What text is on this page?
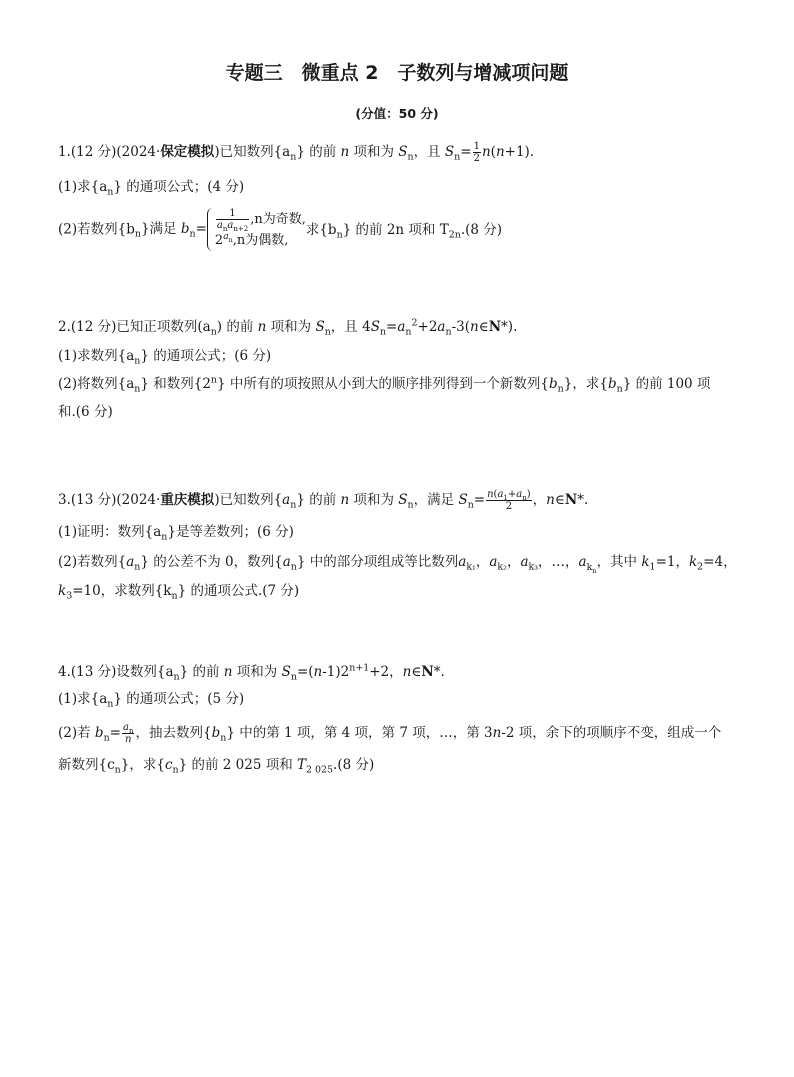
专题三　微重点 2　子数列与增减项问题
(分值：50 分)
1.(12 分)(2024·保定模拟)已知数列$\{a_n\}$ 的前 n 项和为 $S_n$，且 $S_n= \frac{1}{2} n(n+1)$.
(1)求$\{a_n\}$ 的通项公式；(4 分)
(2)若数列$\{b_n\}$满足 $b_n= \frac{1}{a_na_{n+2}} ,n$为奇数,
$2^{a_n},n$为偶数,
求$\{b_n\}$ 的前 2n 项和 $T_{2n}.(8$ 分)
2.(12 分)已知正项数列$(a_n)$ 的前 n 项和为 $S_n$，且 $4S_n=a_n^2+2a_n-3(n\in N*)$.
(1)求数列$\{a_n\}$ 的通项公式；(6 分)
(2)将数列$\{a_n\}$ 和数列{2$^n$} 中所有的项按照从小到大的顺序排列得到一个新数列$\{b_n\}$，求$\{b_n\}$ 的前 100 项
和.(6 分)
3.(13 分)(2024·重庆模拟)已知数列$\{a_n\}$ 的前 n 项和为 $S_n$，满足 $S_n= \frac{n(a_1+a_n)}{2}$ ，n∈N*.
(1)证明：数列$\{a_n\}$是等差数列；(6 分)
(2)若数列$\{a_n\}$ 的公差不为 0，数列$\{a_n\}$ 中的部分项组成等比数列$a_{k_1}$，$a_{k_2}$，$a_{k_3}$，…，$a_{k_n}$，其中 $k_1=1$，$k_2=4$，
$k_3=10$，求数列$\{k_n\}$ 的通项公式.(7 分)
4.(13 分)设数列$\{a_n\}$ 的前 n 项和为 $S_n=(n-1)2^{n+1}+2$，n∈N*.
(1)求$\{a_n\}$ 的通项公式；(5 分)
(2)若 $b_n= \frac{a_n}{n}$ ，抽去数列$\{b_n\}$ 中的第 1 项，第 4 项，第 7 项，…，第 3n-2 项，余下的项顺序不变，组成一个
新数列$\{c_n\}$，求$\{c_n\}$ 的前 2 025 项和 $T_{2 025}.(8$ 分)
